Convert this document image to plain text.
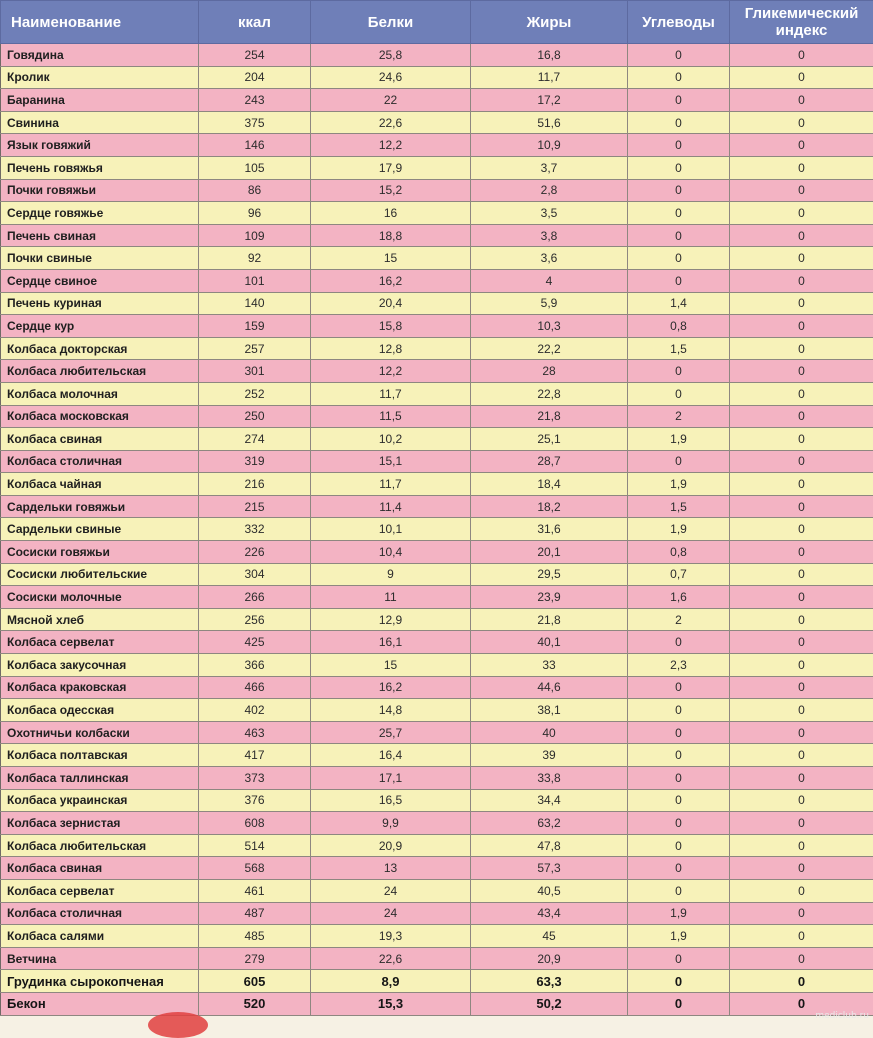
Наименование	ккал	Белки	Жиры	Углеводы	Гликемический
индекс
Говядина	254	25,8	16,8	0	0
Кролик	204	24,6	11,7	0	0
Баранина	243	22	17,2	0	0
Свинина	375	22,6	51,6	0	0
Язык говяжий	146	12,2	10,9	0	0
Печень говяжья	105	17,9	3,7	0	0
Почки говяжьи	86	15,2	2,8	0	0
Сердце говяжье	96	16	3,5	0	0
Печень свиная	109	18,8	3,8	0	0
Почки свиные	92	15	3,6	0	0
Сердце свиное	101	16,2	4	0	0
Печень куриная	140	20,4	5,9	1,4	0
Сердце кур	159	15,8	10,3	0,8	0
Колбаса докторская	257	12,8	22,2	1,5	0
Колбаса любительская	301	12,2	28	0	0
Колбаса молочная	252	11,7	22,8	0	0
Колбаса московская	250	11,5	21,8	2	0
Колбаса свиная	274	10,2	25,1	1,9	0
Колбаса столичная	319	15,1	28,7	0	0
Колбаса чайная	216	11,7	18,4	1,9	0
Сардельки говяжьи	215	11,4	18,2	1,5	0
Сардельки свиные	332	10,1	31,6	1,9	0
Сосиски говяжьи	226	10,4	20,1	0,8	0
Сосиски любительские	304	9	29,5	0,7	0
Сосиски молочные	266	11	23,9	1,6	0
Мясной хлеб	256	12,9	21,8	2	0
Колбаса сервелат	425	16,1	40,1	0	0
Колбаса закусочная	366	15	33	2,3	0
Колбаса краковская	466	16,2	44,6	0	0
Колбаса одесская	402	14,8	38,1	0	0
Охотничьи колбаски	463	25,7	40	0	0
Колбаса полтавская	417	16,4	39	0	0
Колбаса таллинская	373	17,1	33,8	0	0
Колбаса украинская	376	16,5	34,4	0	0
Колбаса зернистая	608	9,9	63,2	0	0
Колбаса любительская	514	20,9	47,8	0	0
Колбаса свиная	568	13	57,3	0	0
Колбаса сервелат	461	24	40,5	0	0
Колбаса столичная	487	24	43,4	1,9	0
Колбаса салями	485	19,3	45	1,9	0
Ветчина	279	22,6	20,9	0	0
Грудинка сырокопченая	605	8,9	63,3	0	0
Бекон	520	15,3	50,2	0	0
mediclub.ru
